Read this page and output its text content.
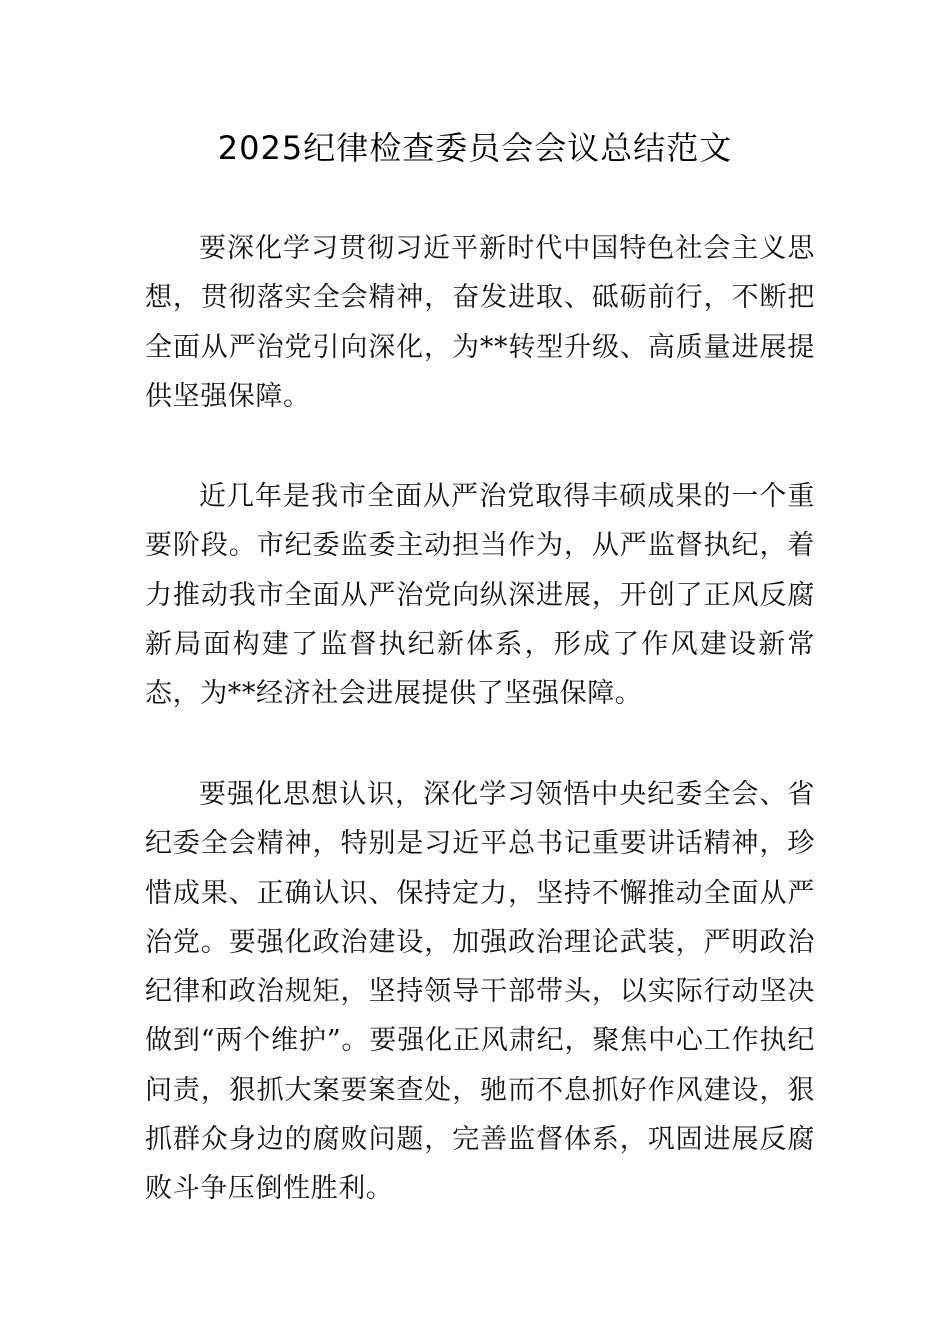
2025纪律检查委员会会议总结范文

要深化学习贯彻习近平新时代中国特色社会主义思想，贯彻落实全会精神，奋发进取、砥砺前行，不断把全面从严治党引向深化，为**转型升级、高质量进展提供坚强保障。

近几年是我市全面从严治党取得丰硕成果的一个重要阶段。市纪委监委主动担当作为，从严监督执纪，着力推动我市全面从严治党向纵深进展，开创了正风反腐新局面构建了监督执纪新体系，形成了作风建设新常态，为**经济社会进展提供了坚强保障。

要强化思想认识，深化学习领悟中央纪委全会、省纪委全会精神，特别是习近平总书记重要讲话精神，珍惜成果、正确认识、保持定力，坚持不懈推动全面从严治党。要强化政治建设，加强政治理论武装，严明政治纪律和政治规矩，坚持领导干部带头，以实际行动坚决做到“两个维护”。要强化正风肃纪，聚焦中心工作执纪问责，狠抓大案要案查处，驰而不息抓好作风建设，狠抓群众身边的腐败问题，完善监督体系，巩固进展反腐败斗争压倒性胜利。
